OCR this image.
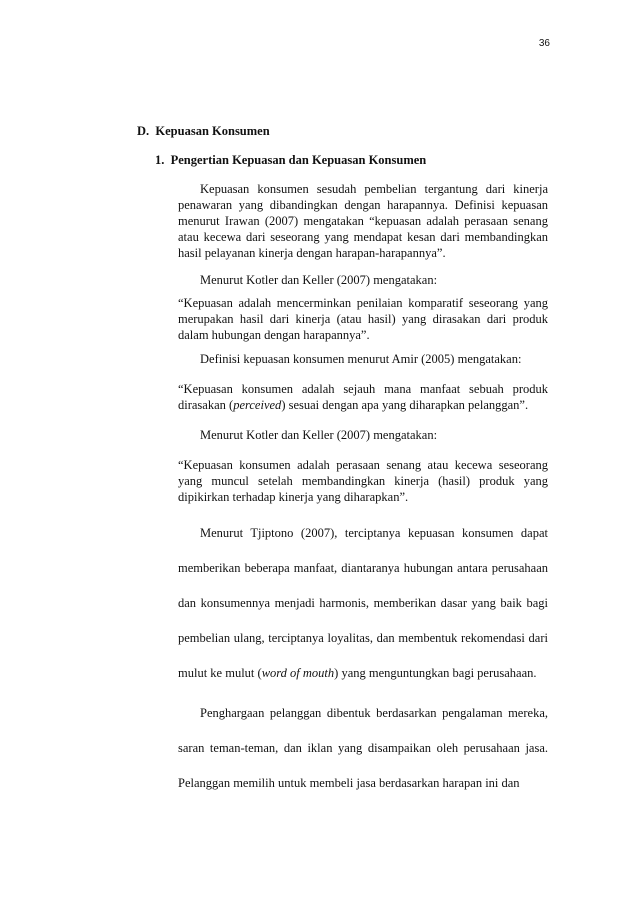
36
D.  Kepuasan Konsumen
1.  Pengertian Kepuasan dan Kepuasan Konsumen

Kepuasan konsumen sesudah pembelian tergantung dari kinerja penawaran yang dibandingkan dengan harapannya. Definisi kepuasan menurut Irawan (2007) mengatakan “kepuasan adalah perasaan senang atau kecewa dari seseorang yang mendapat kesan dari membandingkan hasil pelayanan kinerja dengan harapan-harapannya”.

Menurut Kotler dan Keller (2007) mengatakan:

“Kepuasan adalah mencerminkan penilaian komparatif seseorang yang merupakan hasil dari kinerja (atau hasil) yang dirasakan dari produk dalam hubungan dengan harapannya”.

Definisi kepuasan konsumen menurut Amir (2005) mengatakan:

“Kepuasan konsumen adalah sejauh mana manfaat sebuah produk dirasakan (perceived) sesuai dengan apa yang diharapkan pelanggan”.

Menurut Kotler dan Keller (2007) mengatakan:

“Kepuasan konsumen adalah perasaan senang atau kecewa seseorang yang muncul setelah membandingkan kinerja (hasil) produk yang dipikirkan terhadap kinerja yang diharapkan”.

Menurut Tjiptono (2007), terciptanya kepuasan konsumen dapat memberikan beberapa manfaat, diantaranya hubungan antara perusahaan dan konsumennya menjadi harmonis, memberikan dasar yang baik bagi pembelian ulang, terciptanya loyalitas, dan membentuk rekomendasi dari mulut ke mulut (word of mouth) yang menguntungkan bagi perusahaan.

Penghargaan pelanggan dibentuk berdasarkan pengalaman mereka, saran teman-teman, dan iklan yang disampaikan oleh perusahaan jasa. Pelanggan memilih untuk membeli jasa berdasarkan harapan ini dan
